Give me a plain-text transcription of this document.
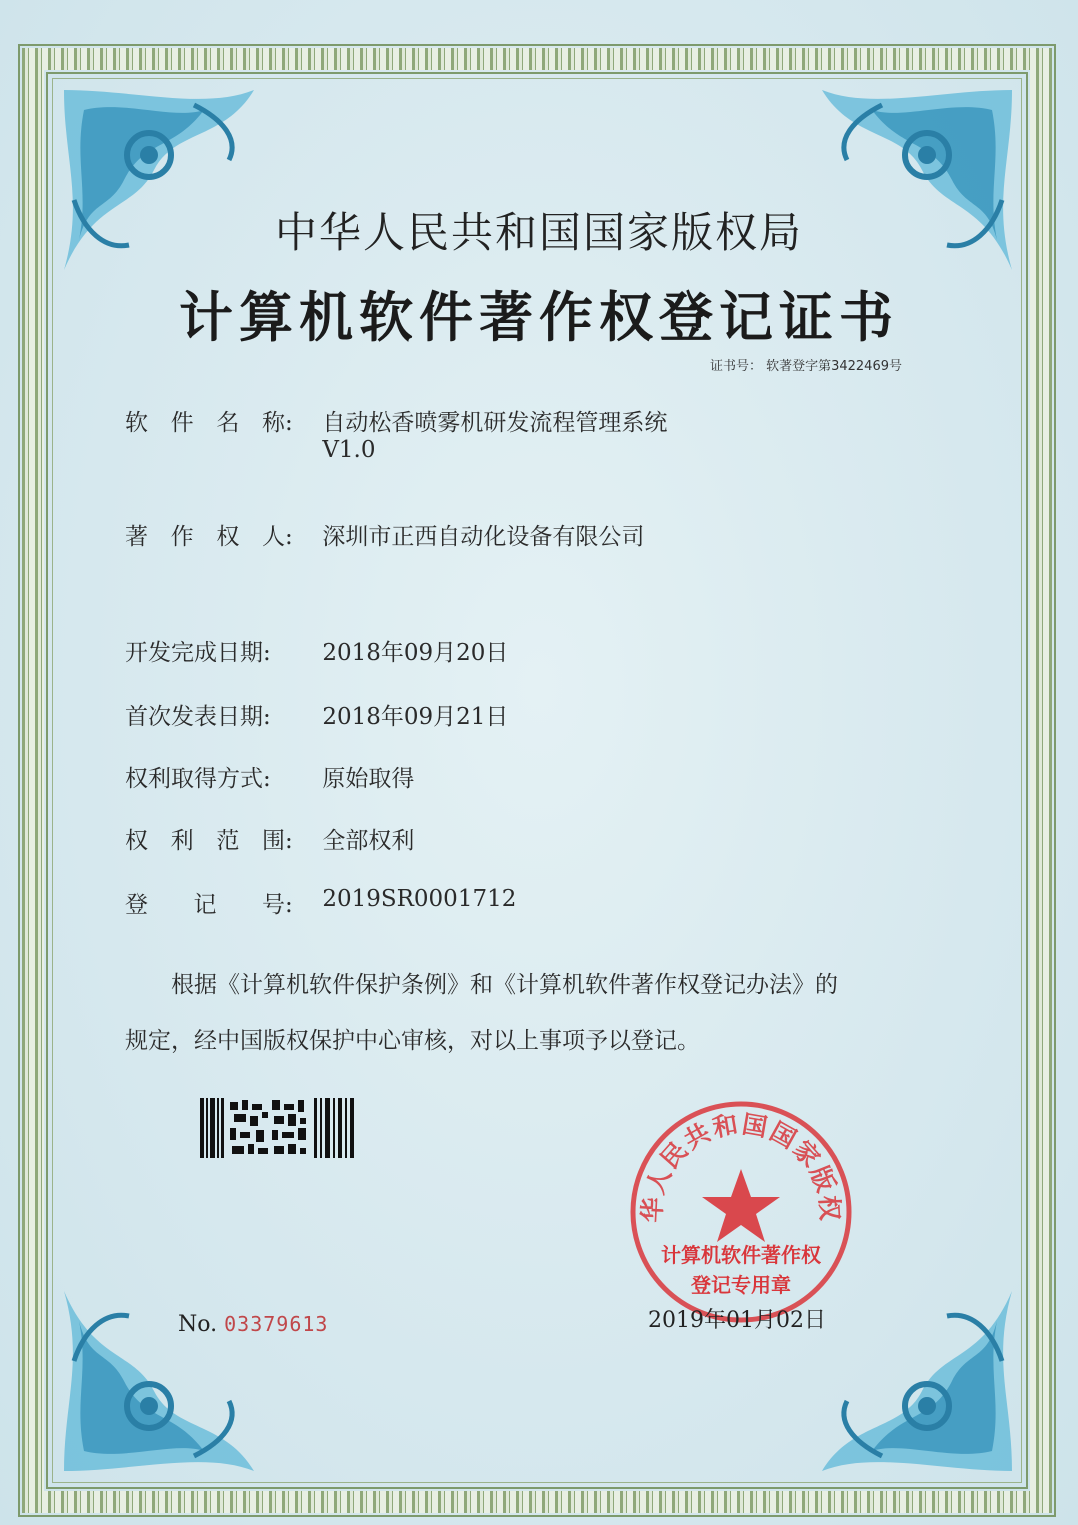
中华人民共和国国家版权局
计算机软件著作权登记证书
证书号： 软著登字第3422469号
软 件 名 称 : 自动松香喷雾机研发流程管理系统
V1.0
著 作 权 人 : 深圳市正西自动化设备有限公司
开发完成日期: 2018年09月20日
首次发表日期: 2018年09月21日
权利取得方式: 原始取得
权 利 范 围 : 全部权利
登 记 号 : 2019SR0001712
根据《计算机软件保护条例》和《计算机软件著作权登记办法》的
规定，经中国版权保护中心审核，对以上事项予以登记。
No. 03379613
华人民共和国国家版权
计算机软件著作权
登记专用章
2019年01月02日
